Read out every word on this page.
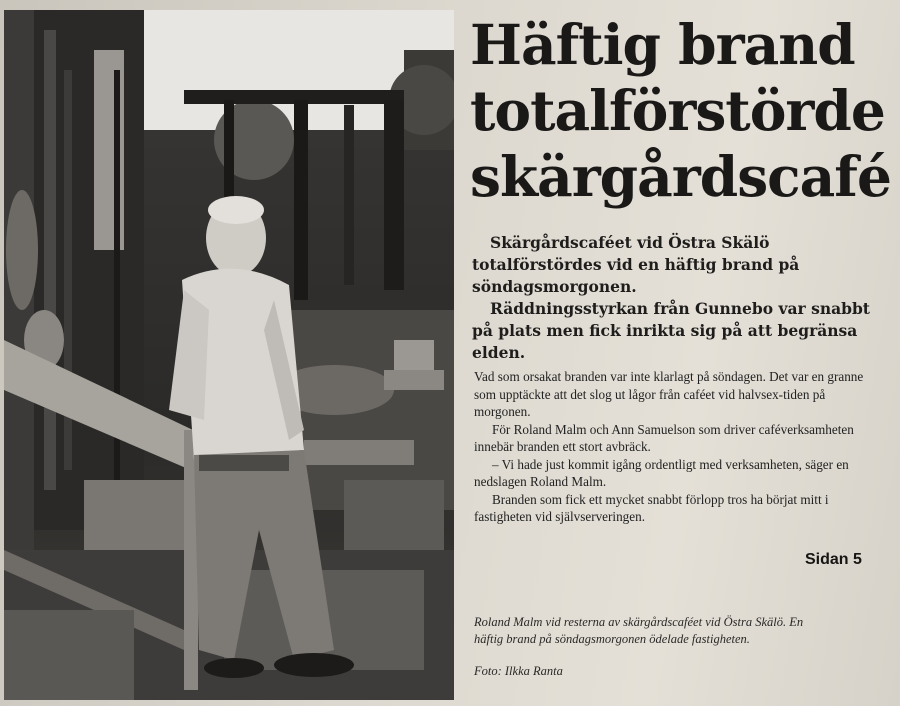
Häftig brand
totalförstörde
skärgårdscafé

Skärgårdscaféet vid Östra Skälö totalförstördes vid en häftig brand på söndagsmorgonen.

Räddningsstyrkan från Gunnebo var snabbt på plats men fick inrikta sig på att begränsa elden.

Vad som orsakat branden var inte klarlagt på söndagen. Det var en granne som upptäckte att det slog ut lågor från caféet vid halvsex-tiden på morgonen.

För Roland Malm och Ann Samuelson som driver caféverksamheten innebär branden ett stort avbräck.

– Vi hade just kommit igång ordentligt med verksamheten, säger en nedslagen Roland Malm.

Branden som fick ett mycket snabbt förlopp tros ha börjat mitt i fastigheten vid självserveringen.

Sidan 5

Roland Malm vid resterna av skärgårdscaféet vid Östra Skälö. En häftig brand på söndagsmorgonen ödelade fastigheten.

Foto: Ilkka Ranta
